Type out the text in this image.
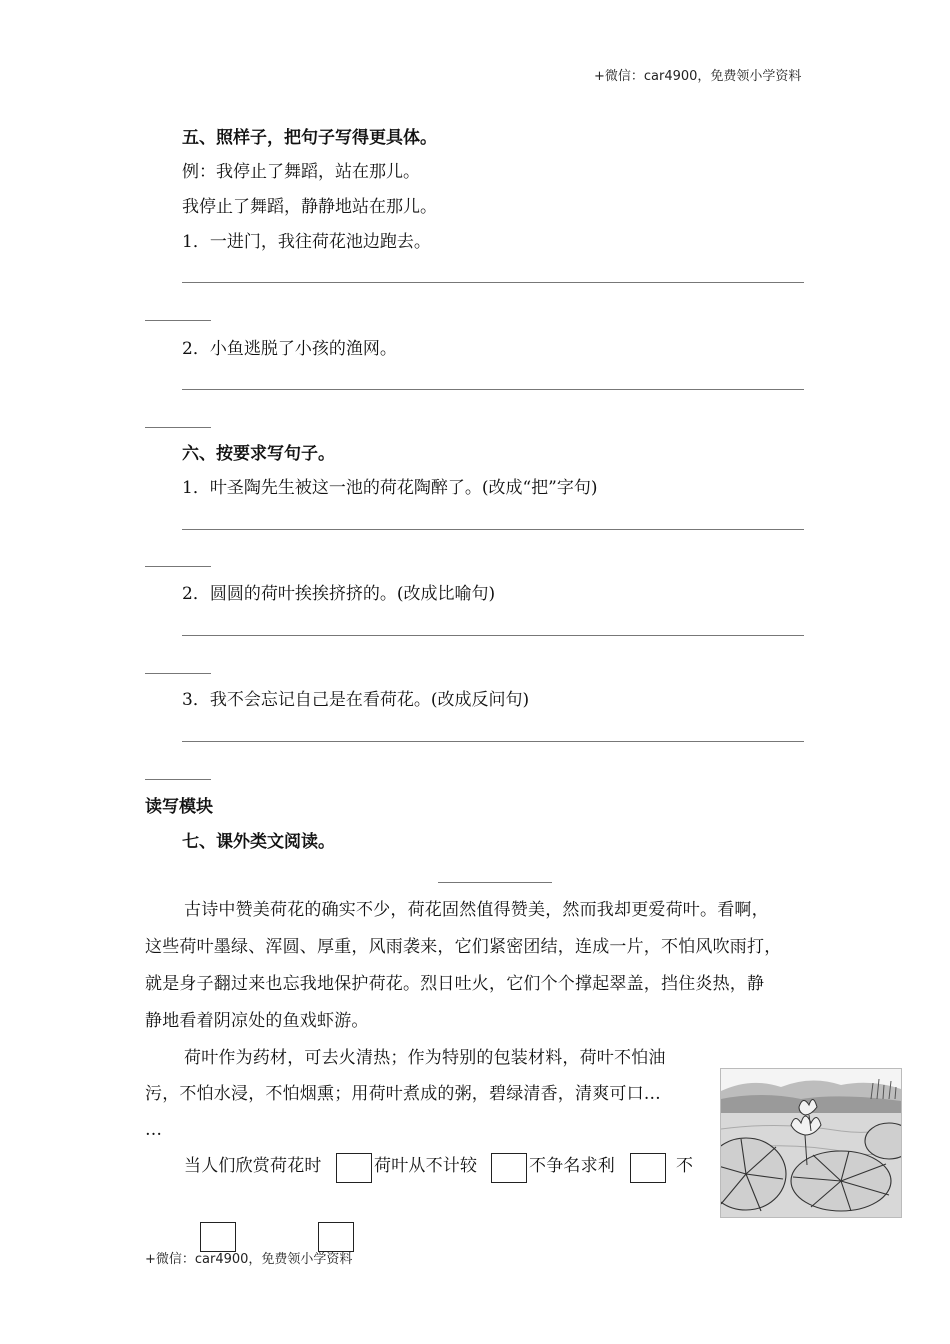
+微信：car4900，免费领小学资料
五、照样子，把句子写得更具体。
例：我停止了舞蹈，站在那儿。
我停止了舞蹈，静静地站在那儿。
1．一进门，我往荷花池边跑去。
2．小鱼逃脱了小孩的渔网。
六、按要求写句子。
1．叶圣陶先生被这一池的荷花陶醉了。(改成“把”字句)
2．圆圆的荷叶挨挨挤挤的。(改成比喻句)
3．我不会忘记自己是在看荷花。(改成反问句)
读写模块
七、课外类文阅读。
古诗中赞美荷花的确实不少，荷花固然值得赞美，然而我却更爱荷叶。看啊，
这些荷叶墨绿、浑圆、厚重，风雨袭来，它们紧密团结，连成一片，不怕风吹雨打，
就是身子翻过来也忘我地保护荷花。烈日吐火，它们个个撑起翠盖，挡住炎热，静
静地看着阴凉处的鱼戏虾游。
荷叶作为药材，可去火清热；作为特别的包装材料，荷叶不怕油
污，不怕水浸，不怕烟熏；用荷叶煮成的粥，碧绿清香，清爽可口…
…
当人们欣赏荷花时	荷叶从不计较	不争名求利	不
+微信：car4900，免费领小学资料
